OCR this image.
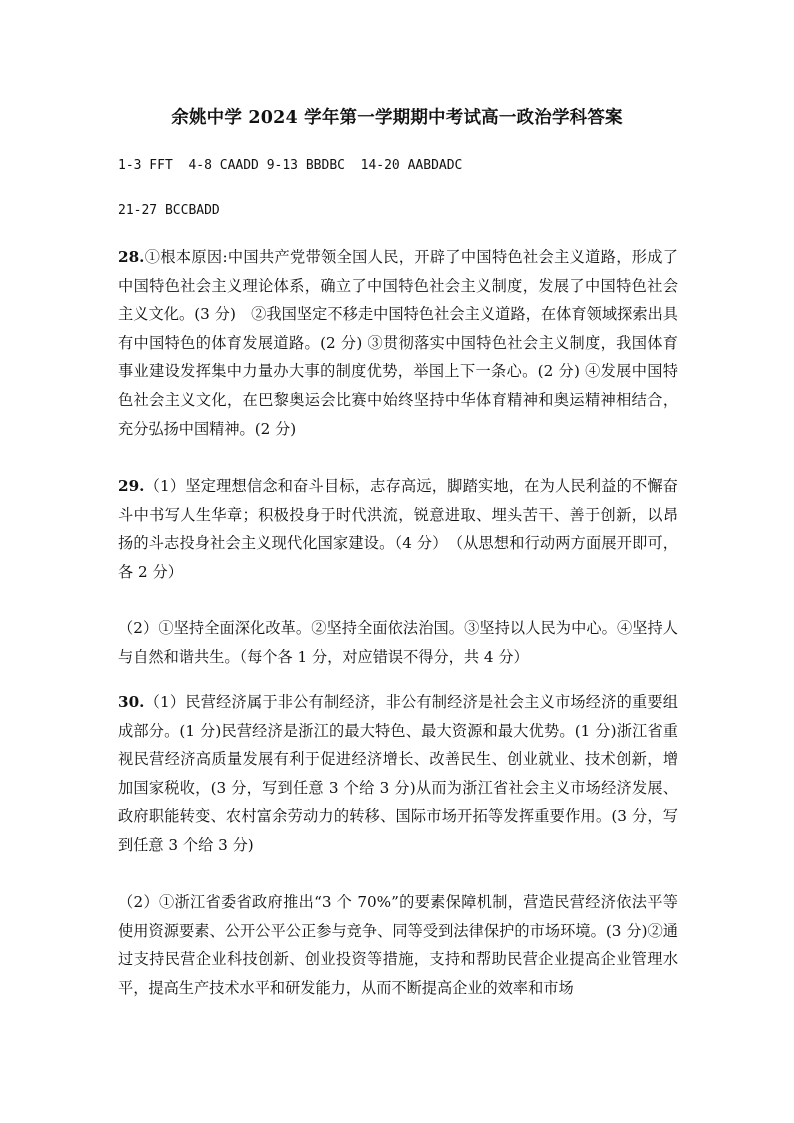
余姚中学 2024 学年第一学期期中考试高一政治学科答案
1-3 FFT  4-8 CAADD 9-13 BBDBC  14-20 AABDADC
21-27 BCCBADD
28.①根本原因:中国共产党带领全国人民，开辟了中国特色社会主义道路，形成了中国特色社会主义理论体系，确立了中国特色社会主义制度，发展了中国特色社会主义文化。(3 分)　②我国坚定不移走中国特色社会主义道路，在体育领域探索出具有中国特色的体育发展道路。(2 分) ③贯彻落实中国特色社会主义制度，我国体育事业建设发挥集中力量办大事的制度优势，举国上下一条心。(2 分) ④发展中国特色社会主义文化，在巴黎奥运会比赛中始终坚持中华体育精神和奥运精神相结合，充分弘扬中国精神。(2 分)
29.（1）坚定理想信念和奋斗目标，志存高远，脚踏实地，在为人民利益的不懈奋斗中书写人生华章；积极投身于时代洪流，锐意进取、埋头苦干、善于创新，以昂扬的斗志投身社会主义现代化国家建设。（4 分）　（从思想和行动两方面展开即可，各 2 分）
（2）①坚持全面深化改革。②坚持全面依法治国。③坚持以人民为中心。④坚持人与自然和谐共生。（每个各 1 分，对应错误不得分，共 4 分）
30.（1）民营经济属于非公有制经济，非公有制经济是社会主义市场经济的重要组成部分。(1 分)民营经济是浙江的最大特色、最大资源和最大优势。(1 分)浙江省重视民营经济高质量发展有利于促进经济增长、改善民生、创业就业、技术创新，增加国家税收，(3 分，写到任意 3 个给 3 分)从而为浙江省社会主义市场经济发展、政府职能转变、农村富余劳动力的转移、国际市场开拓等发挥重要作用。(3 分，写到任意 3 个给 3 分)
（2）①浙江省委省政府推出“3 个 70%”的要素保障机制，营造民营经济依法平等使用资源要素、公开公平公正参与竞争、同等受到法律保护的市场环境。(3 分)②通过支持民营企业科技创新、创业投资等措施，支持和帮助民营企业提高企业管理水平，提高生产技术水平和研发能力，从而不断提高企业的效率和市场
